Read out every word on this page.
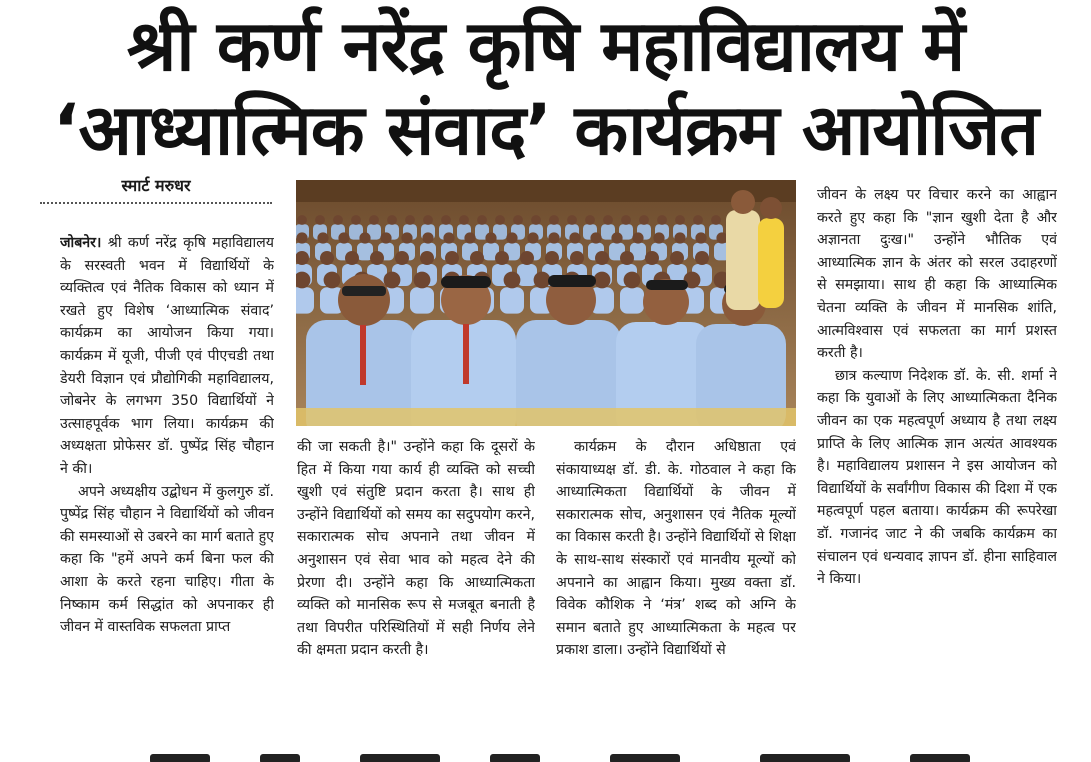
श्री कर्ण नरेंद्र कृषि महाविद्यालय में
‘आध्यात्मिक संवाद’ कार्यक्रम आयोजित
स्मार्ट मरुधर

जोबनेर। श्री कर्ण नरेंद्र कृषि महाविद्यालय के सरस्वती भवन में विद्यार्थियों के व्यक्तित्व एवं नैतिक विकास को ध्यान में रखते हुए विशेष ‘आध्यात्मिक संवाद’ कार्यक्रम का आयोजन किया गया। कार्यक्रम में यूजी, पीजी एवं पीएचडी तथा डेयरी विज्ञान एवं प्रौद्योगिकी महाविद्यालय, जोबनेर के लगभग 350 विद्यार्थियों ने उत्साहपूर्वक भाग लिया। कार्यक्रम की अध्यक्षता प्रोफेसर डॉ. पुष्पेंद्र सिंह चौहान ने की।

अपने अध्यक्षीय उद्बोधन में कुलगुरु डॉ. पुष्पेंद्र सिंह चौहान ने विद्यार्थियों को जीवन की समस्याओं से उबरने का मार्ग बताते हुए कहा कि "हमें अपने कर्म बिना फल की आशा के करते रहना चाहिए। गीता के निष्काम कर्म सिद्धांत को अपनाकर ही जीवन में वास्तविक सफलता प्राप्त

की जा सकती है।" उन्होंने कहा कि दूसरों के हित में किया गया कार्य ही व्यक्ति को सच्ची खुशी एवं संतुष्टि प्रदान करता है। साथ ही उन्होंने विद्यार्थियों को समय का सदुपयोग करने, सकारात्मक सोच अपनाने तथा जीवन में अनुशासन एवं सेवा भाव को महत्व देने की प्रेरणा दी। उन्होंने कहा कि आध्यात्मिकता व्यक्ति को मानसिक रूप से मजबूत बनाती है तथा विपरीत परिस्थितियों में सही निर्णय लेने की क्षमता प्रदान करती है।

कार्यक्रम के दौरान अधिष्ठाता एवं संकायाध्यक्ष डॉ. डी. के. गोठवाल ने कहा कि आध्यात्मिकता विद्यार्थियों के जीवन में सकारात्मक सोच, अनुशासन एवं नैतिक मूल्यों का विकास करती है। उन्होंने विद्यार्थियों से शिक्षा के साथ-साथ संस्कारों एवं मानवीय मूल्यों को अपनाने का आह्वान किया। मुख्य वक्ता डॉ. विवेक कौशिक ने ‘मंत्र’ शब्द को अग्नि के समान बताते हुए आध्यात्मिकता के महत्व पर प्रकाश डाला। उन्होंने विद्यार्थियों से

जीवन के लक्ष्य पर विचार करने का आह्वान करते हुए कहा कि "ज्ञान खुशी देता है और अज्ञानता दुःख।" उन्होंने भौतिक एवं आध्यात्मिक ज्ञान के अंतर को सरल उदाहरणों से समझाया। साथ ही कहा कि आध्यात्मिक चेतना व्यक्ति के जीवन में मानसिक शांति, आत्मविश्वास एवं सफलता का मार्ग प्रशस्त करती है।

छात्र कल्याण निदेशक डॉ. के. सी. शर्मा ने कहा कि युवाओं के लिए आध्यात्मिकता दैनिक जीवन का एक महत्वपूर्ण अध्याय है तथा लक्ष्य प्राप्ति के लिए आत्मिक ज्ञान अत्यंत आवश्यक है। महाविद्यालय प्रशासन ने इस आयोजन को विद्यार्थियों के सर्वांगीण विकास की दिशा में एक महत्वपूर्ण पहल बताया। कार्यक्रम की रूपरेखा डॉ. गजानंद जाट ने की जबकि कार्यक्रम का संचालन एवं धन्यवाद ज्ञापन डॉ. हीना साहिवाल ने किया।
